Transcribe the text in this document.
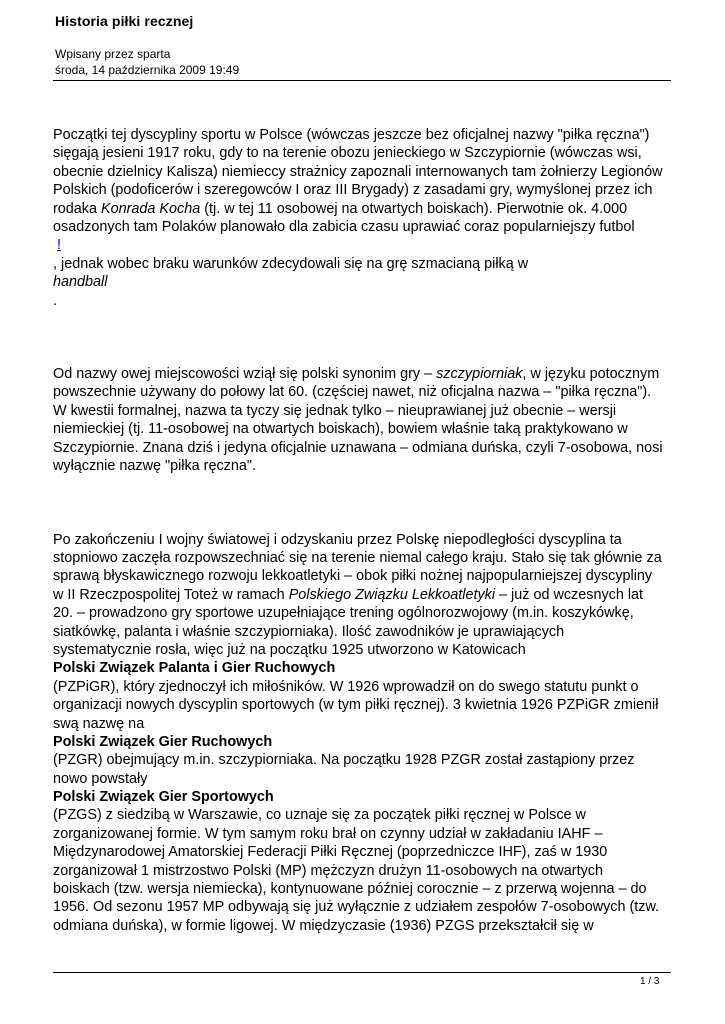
Historia piłki recznej
Wpisany przez sparta
środa, 14 października 2009 19:49
Początki tej dyscypliny sportu w Polsce (wówczas jeszcze bez oficjalnej nazwy "piłka ręczna")
sięgają jesieni 1917 roku, gdy to na terenie obozu jenieckiego w Szczypiornie (wówczas wsi,
obecnie dzielnicy Kalisza) niemieccy strażnicy zapoznali internowanych tam żołnierzy Legionów
Polskich (podoficerów i szeregowców I oraz III Brygady) z zasadami gry, wymyślonej przez ich
rodaka Konrada Kocha (tj. w tej 11 osobowej na otwartych boiskach). Pierwotnie ok. 4.000
osadzonych tam Polaków planowało dla zabicia czasu uprawiać coraz popularniejszy futbol
!
, jednak wobec braku warunków zdecydowali się na grę szmacianą piłką w
handball
.
Od nazwy owej miejscowości wziął się polski synonim gry – szczypiorniak, w języku potocznym
powszechnie używany do połowy lat 60. (częściej nawet, niż oficjalna nazwa – "piłka ręczna").
W kwestii formalnej, nazwa ta tyczy się jednak tylko – nieuprawianej już obecnie – wersji
niemieckiej (tj. 11-osobowej na otwartych boiskach), bowiem właśnie taką praktykowano w
Szczypiornie. Znana dziś i jedyna oficjalnie uznawana – odmiana duńska, czyli 7-osobowa, nosi
wyłącznie nazwę "piłka ręczna".
Po zakończeniu I wojny światowej i odzyskaniu przez Polskę niepodległości dyscyplina ta
stopniowo zaczęła rozpowszechniać się na terenie niemal całego kraju. Stało się tak głównie za
sprawą błyskawicznego rozwoju lekkoatletyki – obok piłki nożnej najpopularniejszej dyscypliny
w II Rzeczpospolitej Toteż w ramach Polskiego Związku Lekkoatletyki – już od wczesnych lat
20. – prowadzono gry sportowe uzupełniające trening ogólnorozwojowy (m.in. koszykówkę,
siatkówkę, palanta i właśnie szczypiorniaka). Ilość zawodników je uprawiających
systematycznie rosła, więc już na początku 1925 utworzono w Katowicach
Polski Związek Palanta i Gier Ruchowych
(PZPiGR), który zjednoczył ich miłośników. W 1926 wprowadził on do swego statutu punkt o
organizacji nowych dyscyplin sportowych (w tym piłki ręcznej). 3 kwietnia 1926 PZPiGR zmienił
swą nazwę na
Polski Związek Gier Ruchowych
(PZGR) obejmujący m.in. szczypiorniaka. Na początku 1928 PZGR został zastąpiony przez
nowo powstały
Polski Związek Gier Sportowych
(PZGS) z siedzibą w Warszawie, co uznaje się za początek piłki ręcznej w Polsce w
zorganizowanej formie. W tym samym roku brał on czynny udział w zakładaniu IAHF –
Międzynarodowej Amatorskiej Federacji Piłki Ręcznej (poprzedniczce IHF), zaś w 1930
zorganizował 1 mistrzostwo Polski (MP) mężczyzn drużyn 11-osobowych na otwartych
boiskach (tzw. wersja niemiecka), kontynuowane później corocznie – z przerwą wojenna – do
1956. Od sezonu 1957 MP odbywają się już wyłącznie z udziałem zespołów 7-osobowych (tzw.
odmiana duńska), w formie ligowej. W międzyczasie (1936) PZGS przekształcił się w
1 / 3
